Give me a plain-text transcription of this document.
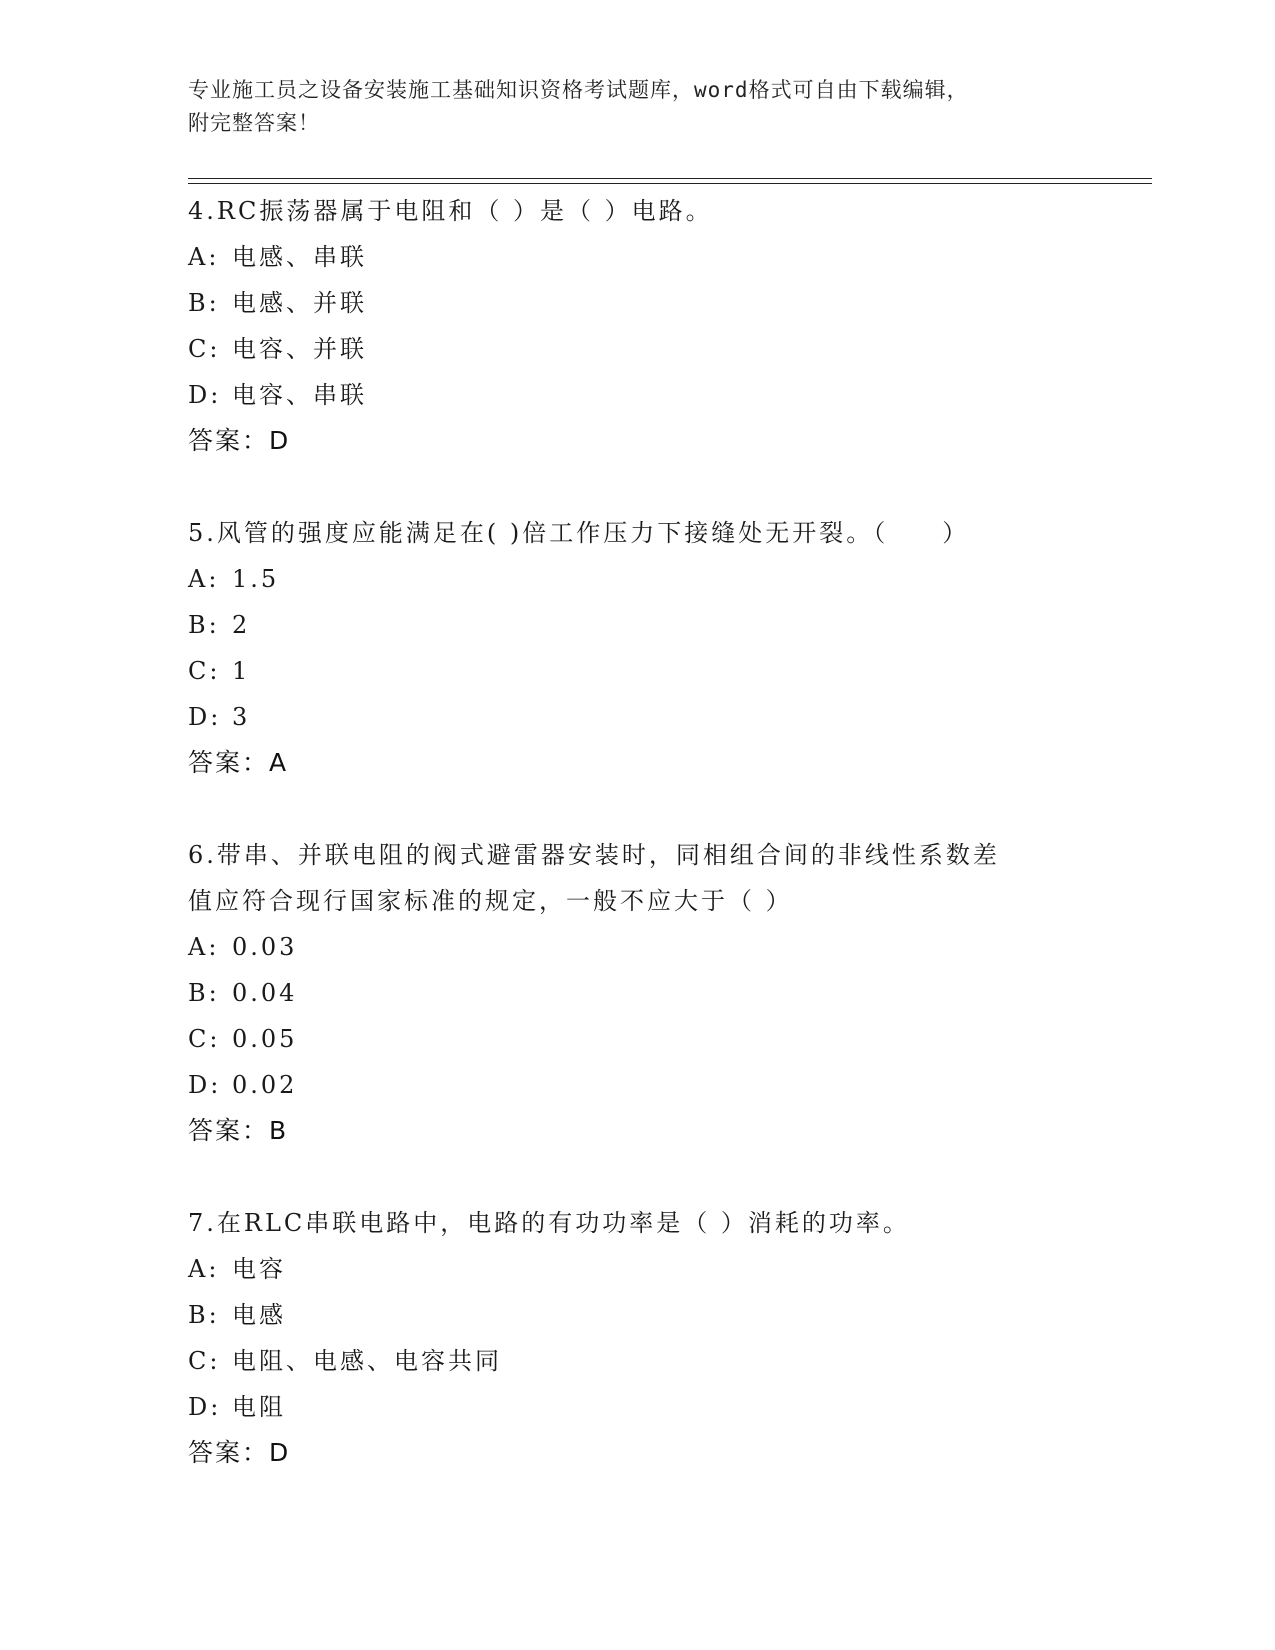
专业施工员之设备安装施工基础知识资格考试题库，word格式可自由下载编辑，
附完整答案！
4.RC振荡器属于电阻和（ ）是（ ）电路。
A: 电感、串联
B: 电感、并联
C: 电容、并联
D: 电容、串联
答案：D
5.风管的强度应能满足在( )倍工作压力下接缝处无开裂。（　　）
A: 1.5
B: 2
C: 1
D: 3
答案：A
6.带串、并联电阻的阀式避雷器安装时，同相组合间的非线性系数差
值应符合现行国家标准的规定，一般不应大于（ ）
A: 0.03
B: 0.04
C: 0.05
D: 0.02
答案：B
7.在RLC串联电路中，电路的有功功率是（ ）消耗的功率。
A: 电容
B: 电感
C: 电阻、电感、电容共同
D: 电阻
答案：D
